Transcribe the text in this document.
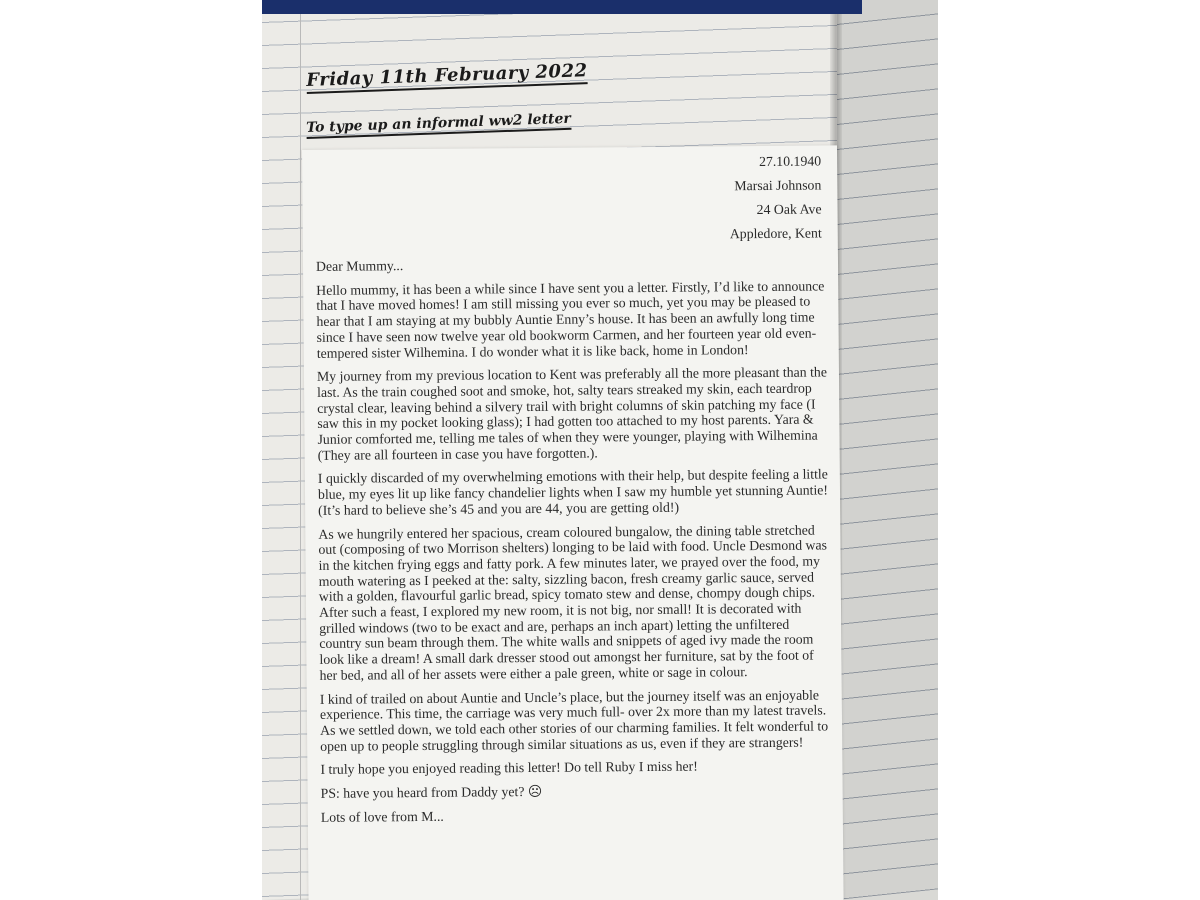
Friday 11th February 2022
To type up an informal ww2 letter
27.10.1940
Marsai Johnson
24 Oak Ave
Appledore, Kent

Dear Mummy...

Hello mummy, it has been a while since I have sent you a letter. Firstly, I’d like to announce that I have moved homes! I am still missing you ever so much, yet you may be pleased to hear that I am staying at my bubbly Auntie Enny’s house. It has been an awfully long time since I have seen now twelve year old bookworm Carmen, and her fourteen year old even-tempered sister Wilhemina. I do wonder what it is like back, home in London!

My journey from my previous location to Kent was preferably all the more pleasant than the last. As the train coughed soot and smoke, hot, salty tears streaked my skin, each teardrop crystal clear, leaving behind a silvery trail with bright columns of skin patching my face (I saw this in my pocket looking glass); I had gotten too attached to my host parents. Yara & Junior comforted me, telling me tales of when they were younger, playing with Wilhemina (They are all fourteen in case you have forgotten.).

I quickly discarded of my overwhelming emotions with their help, but despite feeling a little blue, my eyes lit up like fancy chandelier lights when I saw my humble yet stunning Auntie! (It’s hard to believe she’s 45 and you are 44, you are getting old!)

As we hungrily entered her spacious, cream coloured bungalow, the dining table stretched out (composing of two Morrison shelters) longing to be laid with food. Uncle Desmond was in the kitchen frying eggs and fatty pork. A few minutes later, we prayed over the food, my mouth watering as I peeked at the: salty, sizzling bacon, fresh creamy garlic sauce, served with a golden, flavourful garlic bread, spicy tomato stew and dense, chompy dough chips. After such a feast, I explored my new room, it is not big, nor small! It is decorated with grilled windows (two to be exact and are, perhaps an inch apart) letting the unfiltered country sun beam through them. The white walls and snippets of aged ivy made the room look like a dream! A small dark dresser stood out amongst her furniture, sat by the foot of her bed, and all of her assets were either a pale green, white or sage in colour.

I kind of trailed on about Auntie and Uncle’s place, but the journey itself was an enjoyable experience. This time, the carriage was very much full- over 2x more than my latest travels. As we settled down, we told each other stories of our charming families. It felt wonderful to open up to people struggling through similar situations as us, even if they are strangers!

I truly hope you enjoyed reading this letter! Do tell Ruby I miss her!

PS: have you heard from Daddy yet? ☹

Lots of love from M...
